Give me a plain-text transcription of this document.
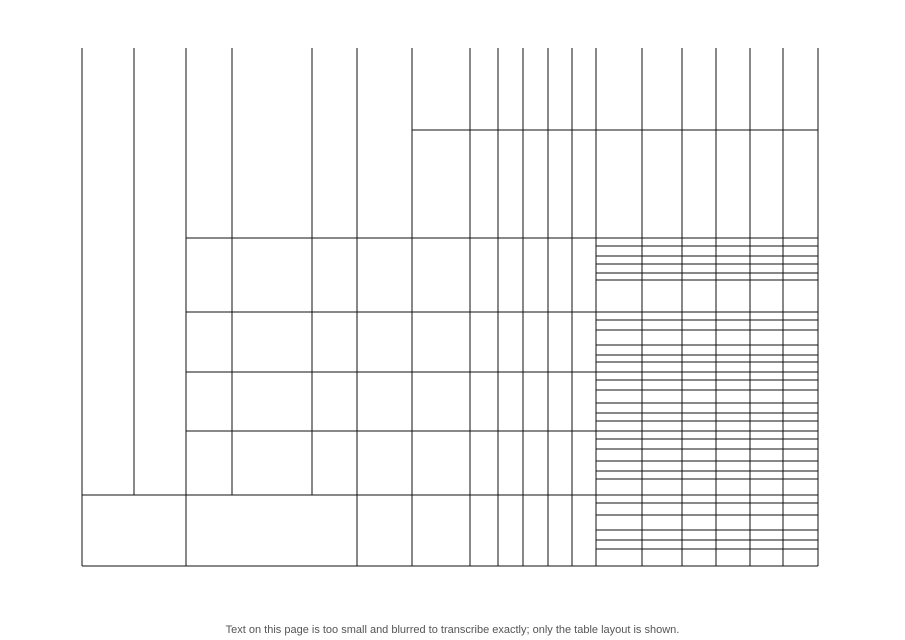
Text on this page is too small and blurred to transcribe exactly; only the table layout is shown.
